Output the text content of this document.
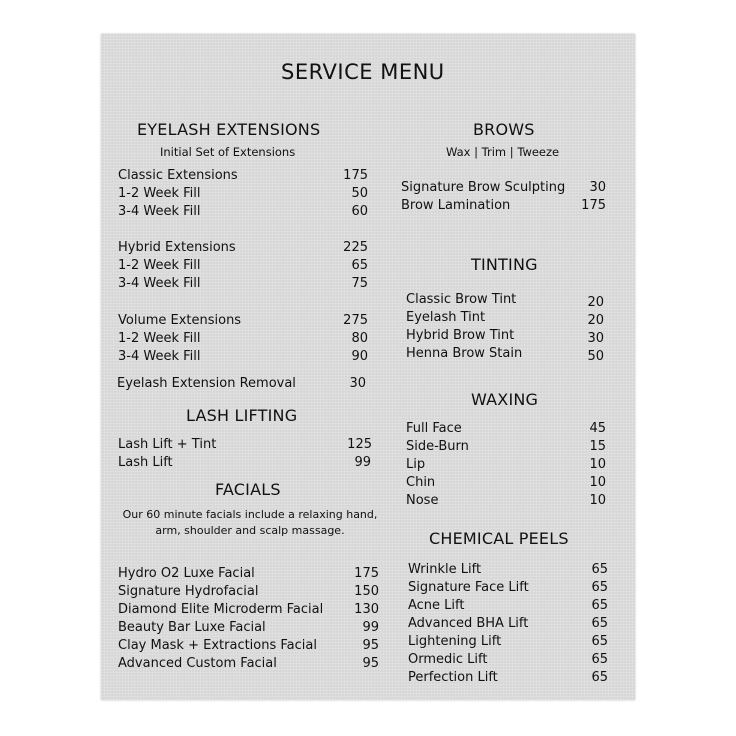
SERVICE MENU
EYELASH EXTENSIONS
Initial Set of Extensions
Classic Extensions	175
1-2 Week Fill	50
3-4 Week Fill	60
Hybrid Extensions	225
1-2 Week Fill	65
3-4 Week Fill	75
Volume Extensions	275
1-2 Week Fill	80
3-4 Week Fill	90
Eyelash Extension Removal	30
LASH LIFTING
Lash Lift + Tint	125
Lash Lift	99
FACIALS
Our 60 minute facials include a relaxing hand, arm, shoulder and scalp massage.
Hydro O2 Luxe Facial	175
Signature Hydrofacial	150
Diamond Elite Microderm Facial	130
Beauty Bar Luxe Facial	99
Clay Mask + Extractions Facial	95
Advanced Custom Facial	95
BROWS
Wax | Trim | Tweeze
Signature Brow Sculpting	30
Brow Lamination	175
TINTING
Classic Brow Tint	20
Eyelash Tint	20
Hybrid Brow Tint	30
Henna Brow Stain	50
WAXING
Full Face	45
Side-Burn	15
Lip	10
Chin	10
Nose	10
CHEMICAL PEELS
Wrinkle Lift	65
Signature Face Lift	65
Acne Lift	65
Advanced BHA Lift	65
Lightening Lift	65
Ormedic Lift	65
Perfection Lift	65
